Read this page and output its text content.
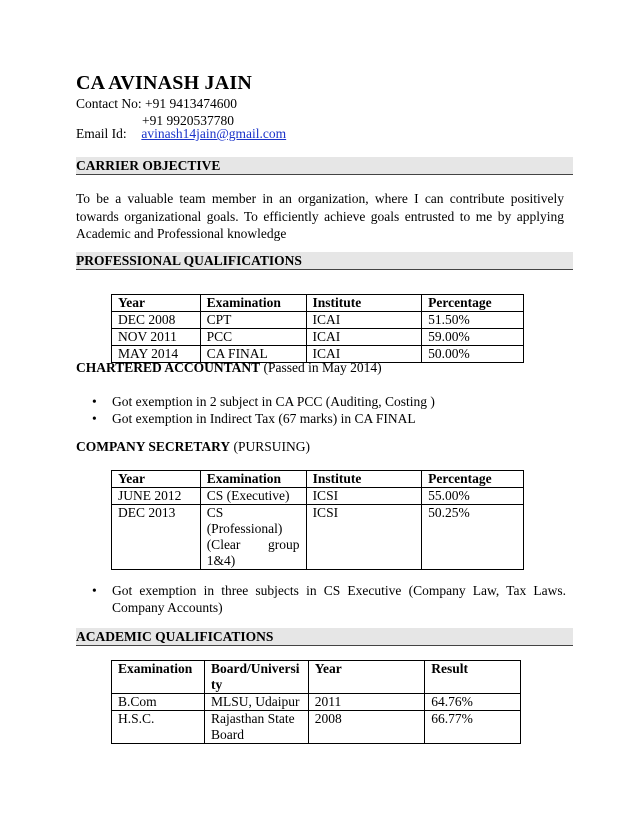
CA AVINASH JAIN
Contact No: +91 9413474600
+91 9920537780
Email Id: avinash14jain@gmail.com
CARRIER OBJECTIVE
To be a valuable team member in an organization, where I can contribute positively
towards organizational goals. To efficiently achieve goals entrusted to me by applying
Academic and Professional knowledge
PROFESSIONAL QUALIFICATIONS
Year	Examination	Institute	Percentage
DEC 2008	CPT	ICAI	51.50%
NOV 2011	PCC	ICAI	59.00%
MAY 2014	CA FINAL	ICAI	50.00%
CHARTERED ACCOUNTANT (Passed in May 2014)
• Got exemption in 2 subject in CA PCC (Auditing, Costing )
• Got exemption in Indirect Tax (67 marks) in CA FINAL
COMPANY SECRETARY (PURSUING)
Year	Examination	Institute	Percentage
JUNE 2012	CS (Executive)	ICSI	55.00%
DEC 2013	CS (Professional) (Clear group 1&4)	ICSI	50.25%
• Got exemption in three subjects in CS Executive (Company Law, Tax Laws. Company Accounts)
ACADEMIC QUALIFICATIONS
Examination	Board/University	Year	Result
B.Com	MLSU, Udaipur	2011	64.76%
H.S.C.	Rajasthan State Board	2008	66.77%
